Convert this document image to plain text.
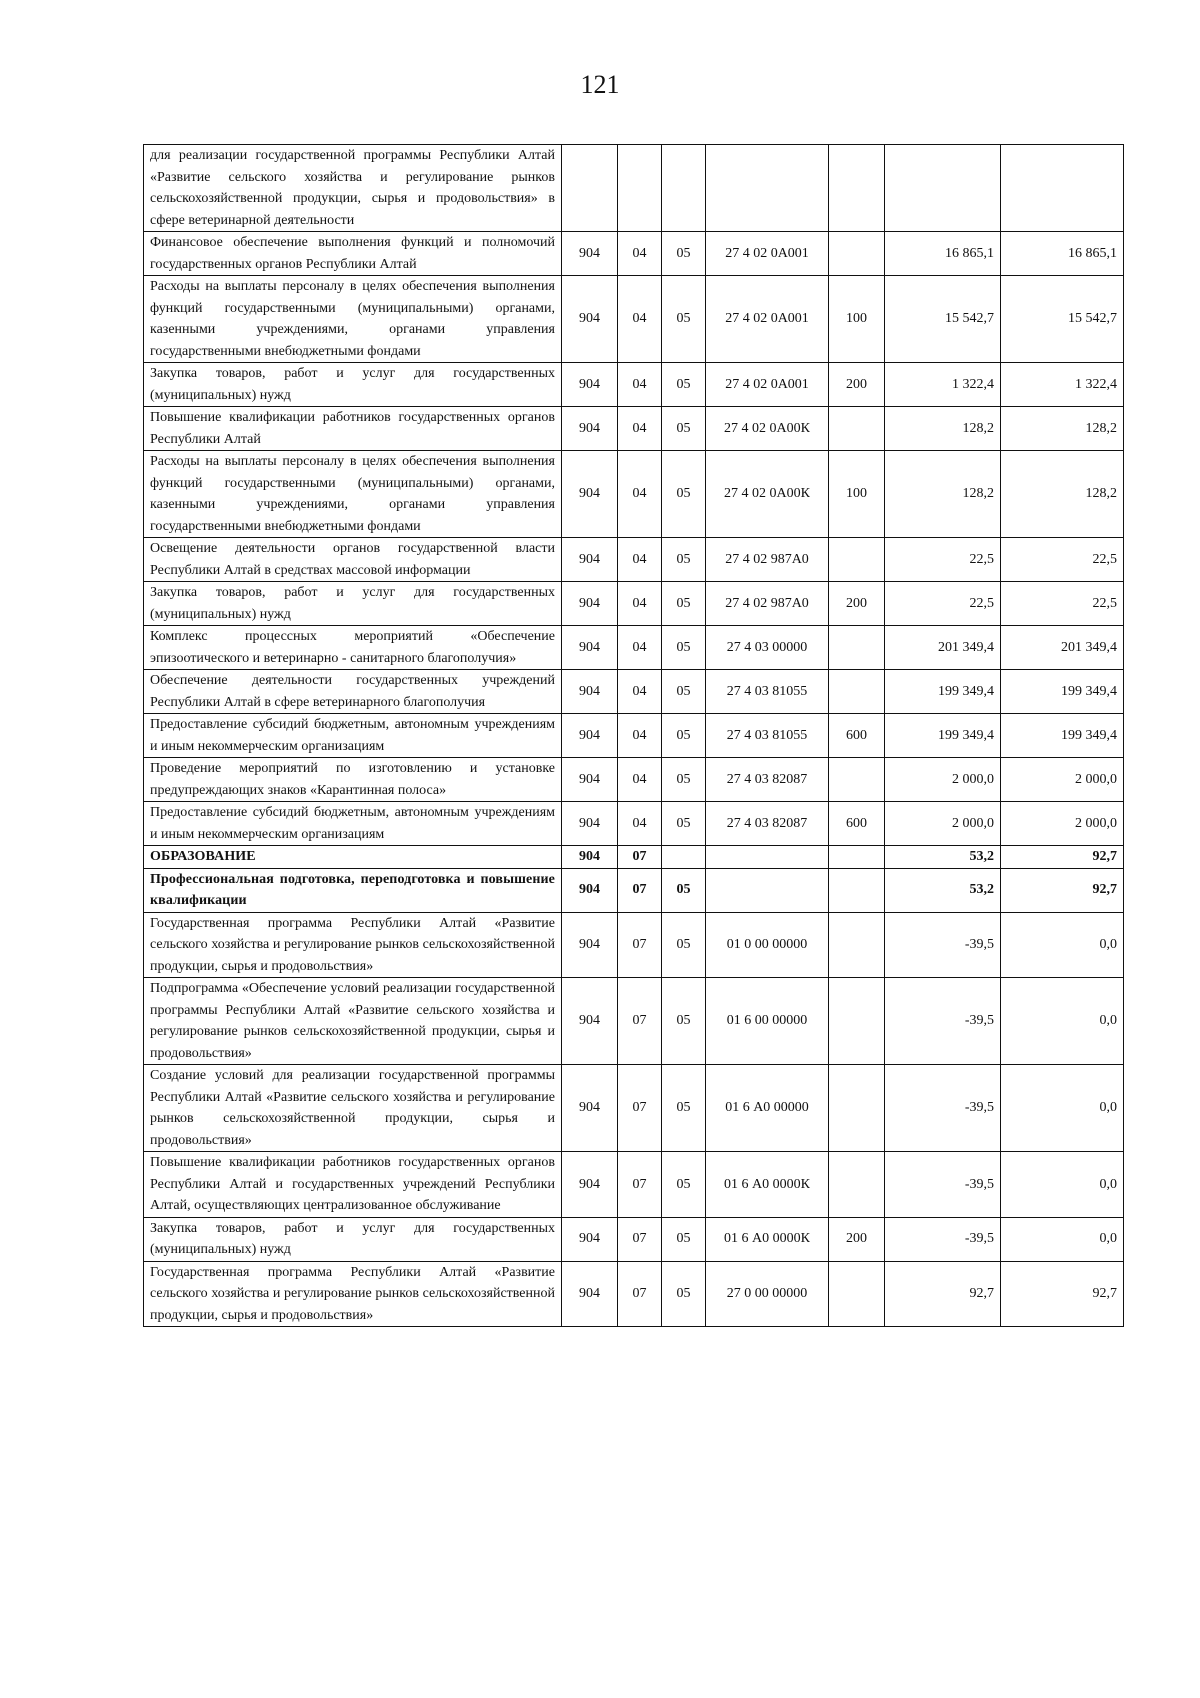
121
для реализации государственной программы Республики Алтай «Развитие сельского хозяйства и регулирование рынков сельскохозяйственной продукции, сырья и продовольствия» в сфере ветеринарной деятельности							
Финансовое обеспечение выполнения функций и полномочий государственных органов Республики Алтай	904	04	05	27 4 02 0А001		16 865,1	16 865,1
Расходы на выплаты персоналу в целях обеспечения выполнения функций государственными (муниципальными) органами, казенными учреждениями, органами управления государственными внебюджетными фондами	904	04	05	27 4 02 0А001	100	15 542,7	15 542,7
Закупка товаров, работ и услуг для государственных (муниципальных) нужд	904	04	05	27 4 02 0А001	200	1 322,4	1 322,4
Повышение квалификации работников государственных органов Республики Алтай	904	04	05	27 4 02 0А00К		128,2	128,2
Расходы на выплаты персоналу в целях обеспечения выполнения функций государственными (муниципальными) органами, казенными учреждениями, органами управления государственными внебюджетными фондами	904	04	05	27 4 02 0А00К	100	128,2	128,2
Освещение деятельности органов государственной власти Республики Алтай в средствах массовой информации	904	04	05	27 4 02 987А0		22,5	22,5
Закупка товаров, работ и услуг для государственных (муниципальных) нужд	904	04	05	27 4 02 987А0	200	22,5	22,5
Комплекс процессных мероприятий «Обеспечение эпизоотического и ветеринарно - санитарного благополучия»	904	04	05	27 4 03 00000		201 349,4	201 349,4
Обеспечение деятельности государственных учреждений Республики Алтай в сфере ветеринарного благополучия	904	04	05	27 4 03 81055		199 349,4	199 349,4
Предоставление субсидий бюджетным, автономным учреждениям и иным некоммерческим организациям	904	04	05	27 4 03 81055	600	199 349,4	199 349,4
Проведение мероприятий по изготовлению и установке предупреждающих знаков «Карантинная полоса»	904	04	05	27 4 03 82087		2 000,0	2 000,0
Предоставление субсидий бюджетным, автономным учреждениям и иным некоммерческим организациям	904	04	05	27 4 03 82087	600	2 000,0	2 000,0
ОБРАЗОВАНИЕ	904	07				53,2	92,7
Профессиональная подготовка, переподготовка и повышение квалификации	904	07	05			53,2	92,7
Государственная программа Республики Алтай «Развитие сельского хозяйства и регулирование рынков сельскохозяйственной продукции, сырья и продовольствия»	904	07	05	01 0 00 00000		-39,5	0,0
Подпрограмма «Обеспечение условий реализации государственной программы Республики Алтай «Развитие сельского хозяйства и регулирование рынков сельскохозяйственной продукции, сырья и продовольствия»	904	07	05	01 6 00 00000		-39,5	0,0
Создание условий для реализации государственной программы Республики Алтай «Развитие сельского хозяйства и регулирование рынков сельскохозяйственной продукции, сырья и продовольствия»	904	07	05	01 6 А0 00000		-39,5	0,0
Повышение квалификации работников государственных органов Республики Алтай и государственных учреждений Республики Алтай, осуществляющих централизованное обслуживание	904	07	05	01 6 А0 0000К		-39,5	0,0
Закупка товаров, работ и услуг для государственных (муниципальных) нужд	904	07	05	01 6 А0 0000К	200	-39,5	0,0
Государственная программа Республики Алтай «Развитие сельского хозяйства и регулирование рынков сельскохозяйственной продукции, сырья и продовольствия»	904	07	05	27 0 00 00000		92,7	92,7
